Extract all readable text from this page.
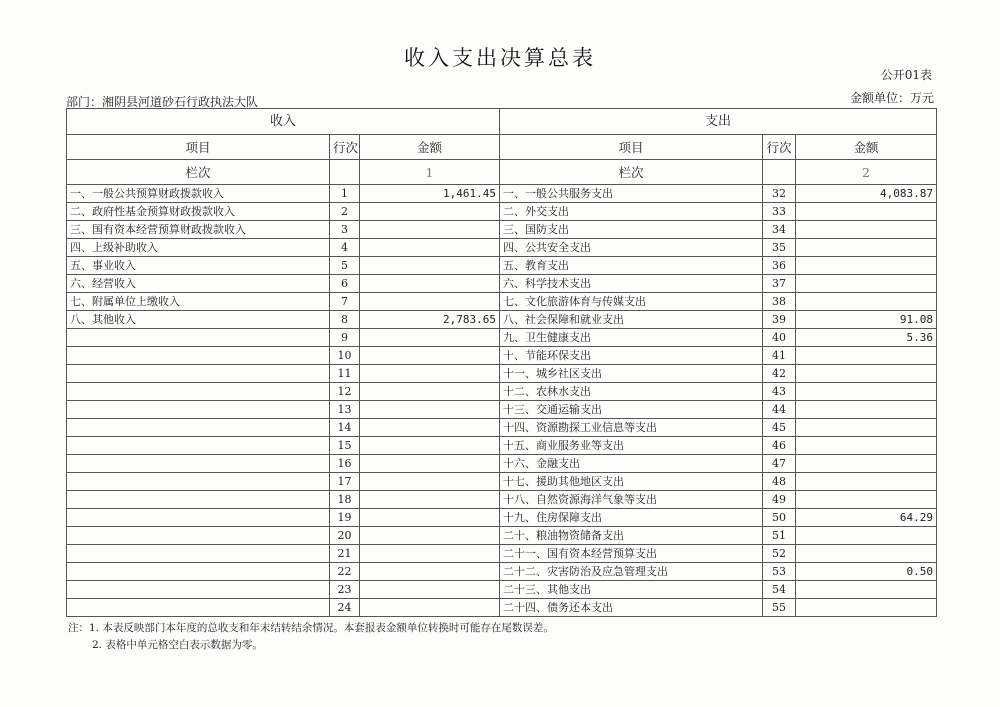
收入支出决算总表
公开01表
部门：湘阴县河道砂石行政执法大队	金额单位：万元
收入			支出		
项目	行次	金额	项目	行次	金额
栏次		1	栏次		2
一、一般公共预算财政拨款收入	1	1,461.45	一、一般公共服务支出	32	4,083.87
二、政府性基金预算财政拨款收入	2		二、外交支出	33	
三、国有资本经营预算财政拨款收入	3		三、国防支出	34	
四、上级补助收入	4		四、公共安全支出	35	
五、事业收入	5		五、教育支出	36	
六、经营收入	6		六、科学技术支出	37	
七、附属单位上缴收入	7		七、文化旅游体育与传媒支出	38	
八、其他收入	8	2,783.65	八、社会保障和就业支出	39	91.08
	9		九、卫生健康支出	40	5.36
	10		十、节能环保支出	41	
	11		十一、城乡社区支出	42	
	12		十二、农林水支出	43	
	13		十三、交通运输支出	44	
	14		十四、资源勘探工业信息等支出	45	
	15		十五、商业服务业等支出	46	
	16		十六、金融支出	47	
	17		十七、援助其他地区支出	48	
	18		十八、自然资源海洋气象等支出	49	
	19		十九、住房保障支出	50	64.29
	20		二十、粮油物资储备支出	51	
	21		二十一、国有资本经营预算支出	52	
	22		二十二、灾害防治及应急管理支出	53	0.50
	23		二十三、其他支出	54	
	24		二十四、债务还本支出	55	
注：1. 本表反映部门本年度的总收支和年末结转结余情况。本套报表金额单位转换时可能存在尾数误差。
2. 表格中单元格空白表示数据为零。
